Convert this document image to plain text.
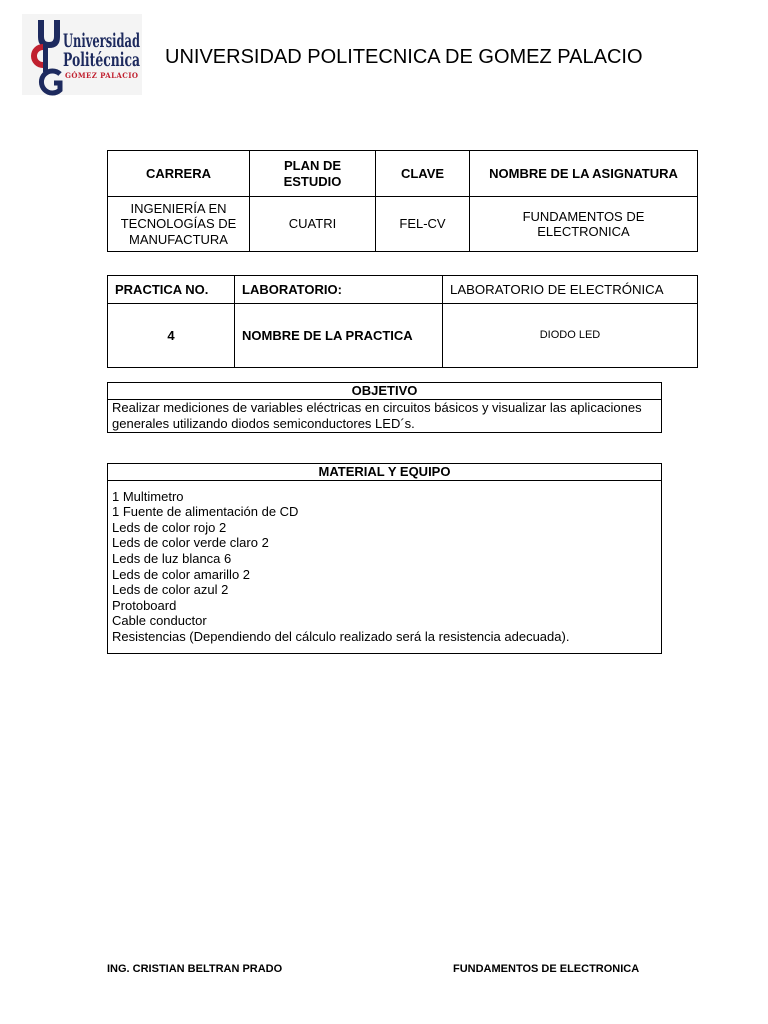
Universidad
Politécnica
GÓMEZ PALACIO
UNIVERSIDAD POLITECNICA DE GOMEZ PALACIO
CARRERA	PLAN DE ESTUDIO	CLAVE	NOMBRE DE LA ASIGNATURA
INGENIERÍA EN TECNOLOGÍAS DE MANUFACTURA	CUATRI	FEL-CV	FUNDAMENTOS DE ELECTRONICA
PRACTICA NO.	LABORATORIO:	LABORATORIO DE ELECTRÓNICA
4	NOMBRE DE LA PRACTICA	DIODO LED
OBJETIVO

Realizar mediciones de variables eléctricas en circuitos básicos y visualizar las aplicaciones
generales utilizando diodos semiconductores LED´s.
MATERIAL Y EQUIPO

1 Multimetro
1 Fuente de alimentación de CD
Leds de color rojo 2
Leds de color verde claro 2
Leds de luz blanca 6
Leds de color amarillo 2
Leds de color azul 2
Protoboard
Cable conductor
Resistencias (Dependiendo del cálculo realizado será la resistencia adecuada).
ING. CRISTIAN BELTRAN PRADO	FUNDAMENTOS DE ELECTRONICA
